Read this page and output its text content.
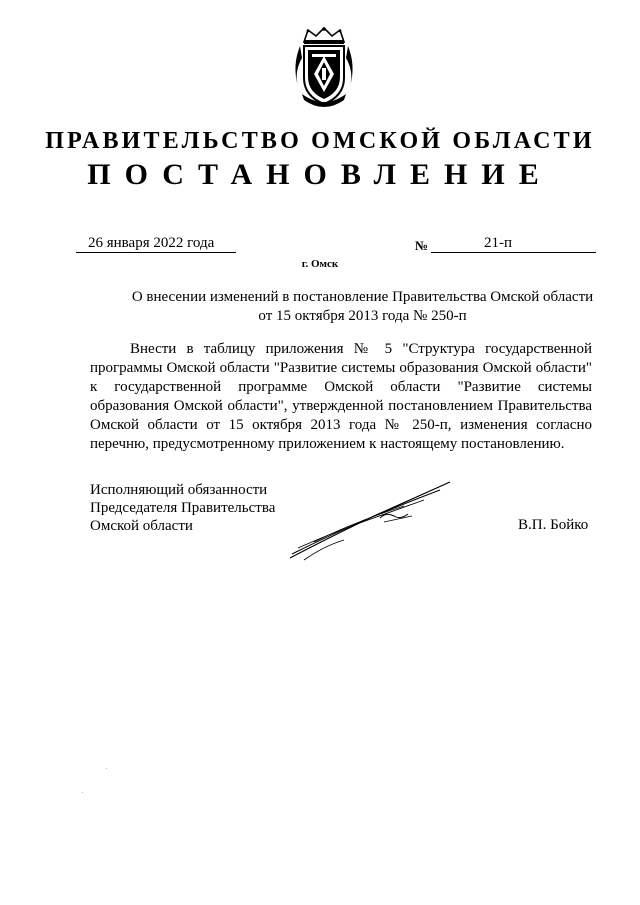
ПРАВИТЕЛЬСТВО ОМСКОЙ ОБЛАСТИ
ПОСТАНОВЛЕНИЕ
26 января 2022 года	№	21-п
г. Омск
О внесении изменений в постановление Правительства Омской области
от 15 октября 2013 года № 250-п
Внести в таблицу приложения № 5 "Структура государственной программы Омской области "Развитие системы образования Омской области" к государственной программе Омской области "Развитие системы образования Омской области", утвержденной постановлением Правительства Омской области от 15 октября 2013 года № 250-п, изменения согласно перечню, предусмотренному приложением к настоящему постановлению.
Исполняющий обязанности
Председателя Правительства
Омской области	В.П. Бойко
